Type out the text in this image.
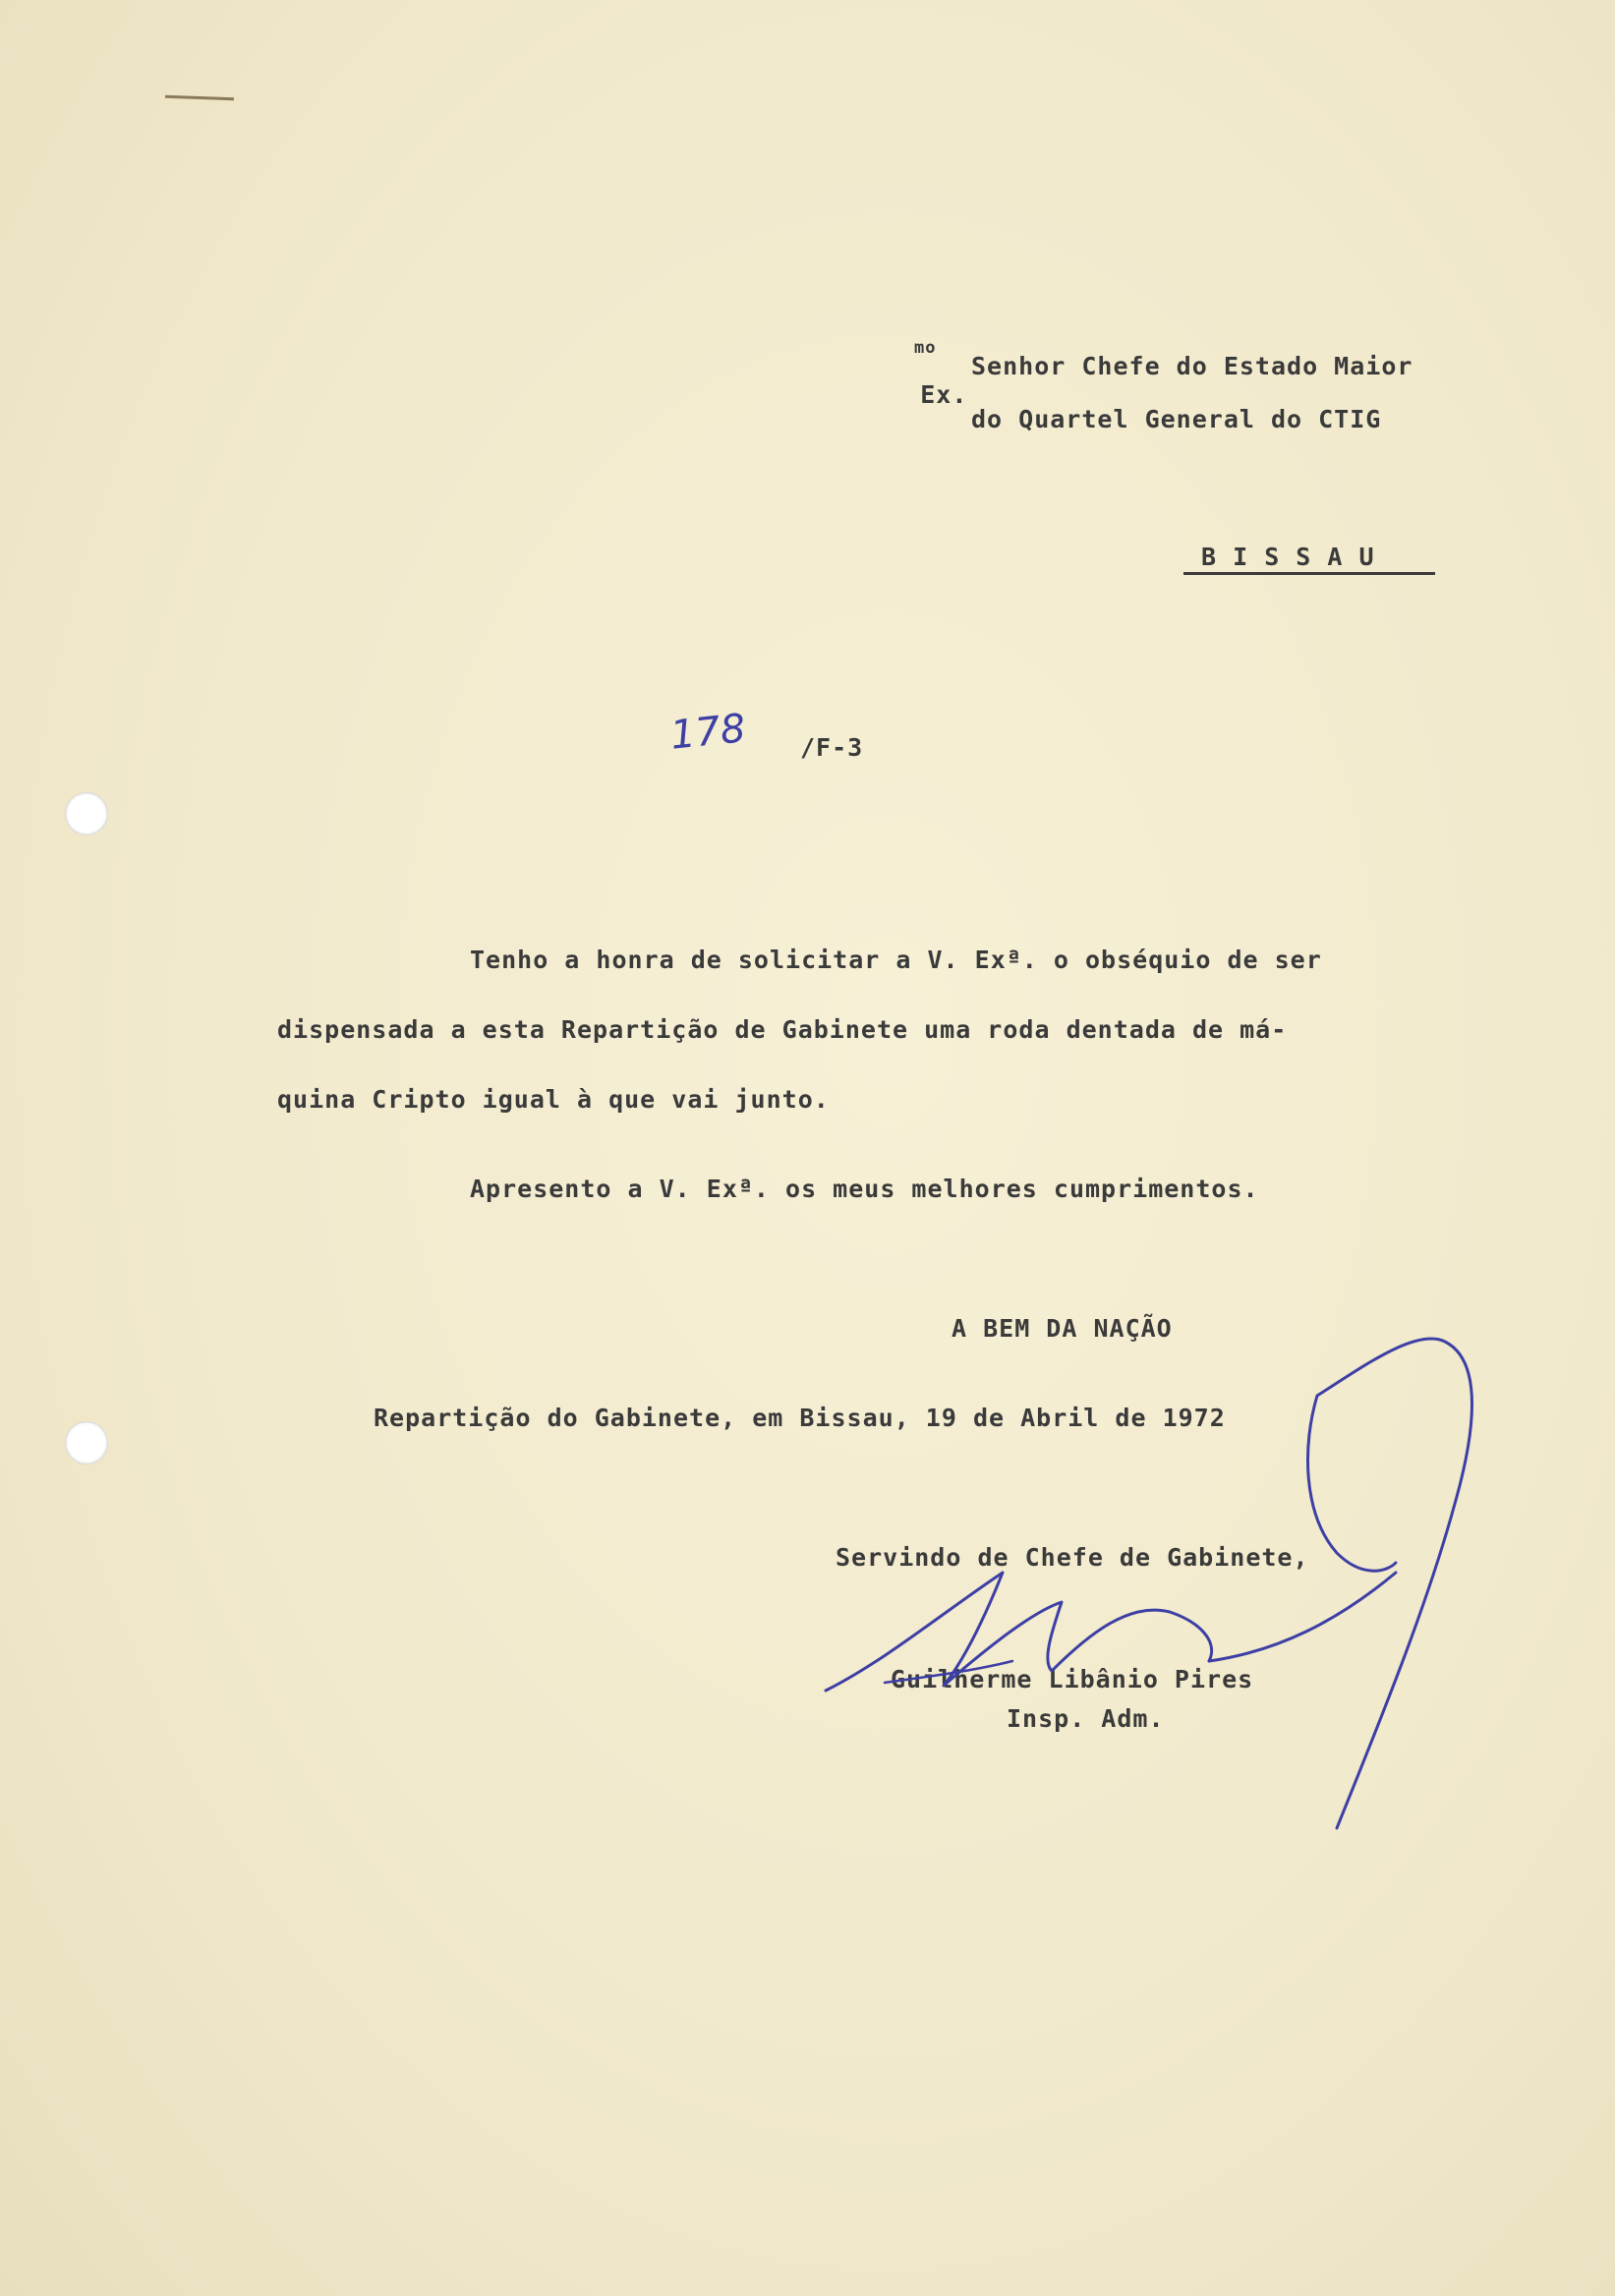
Ex.
mo

Senhor Chefe do Estado Maior
do Quartel General do CTIG
B I S S A U
178 /F-3
Tenho a honra de solicitar a V. Exª. o obséquio de ser
dispensada a esta Repartição de Gabinete uma roda dentada de má-
quina Cripto igual à que vai junto.
Apresento a V. Exª. os meus melhores cumprimentos.
A BEM DA NAÇÃO
Repartição do Gabinete, em Bissau, 19 de Abril de 1972
Servindo de Chefe de Gabinete,
Guilherme Libânio Pires
Insp. Adm.
